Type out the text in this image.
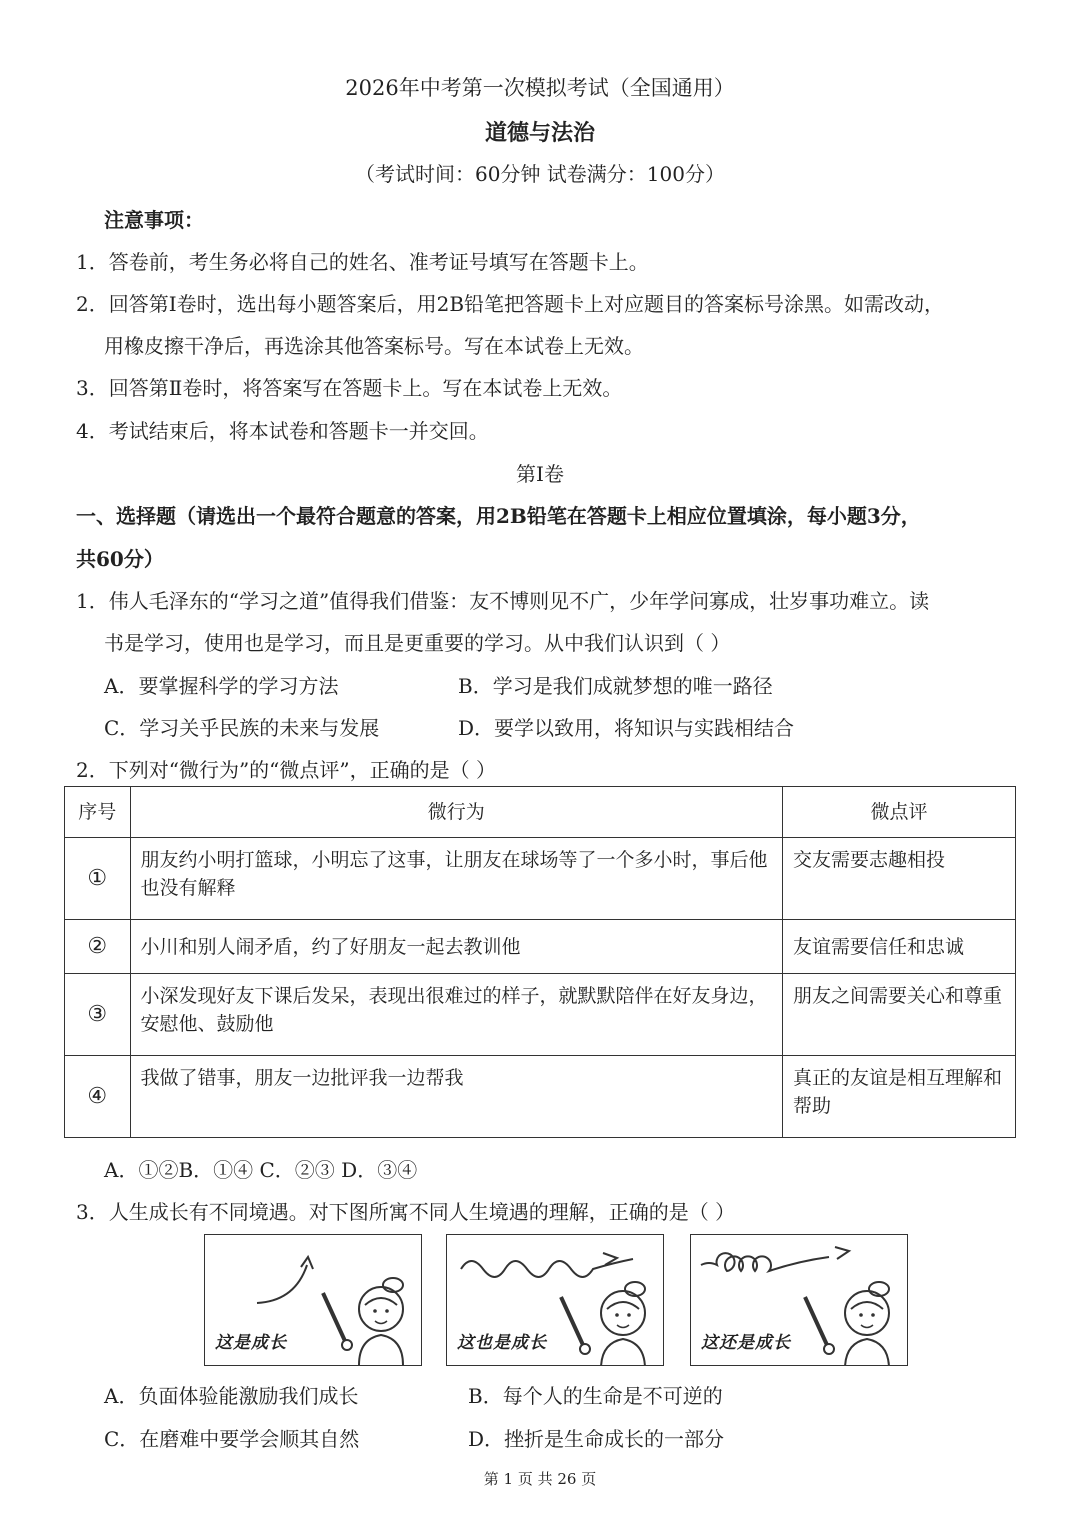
2026年中考第一次模拟考试（全国通用）
道德与法治
（考试时间：60分钟 试卷满分：100分）
注意事项：
1．答卷前，考生务必将自己的姓名、准考证号填写在答题卡上。
2．回答第Ⅰ卷时，选出每小题答案后，用2B铅笔把答题卡上对应题目的答案标号涂黑。如需改动，
用橡皮擦干净后，再选涂其他答案标号。写在本试卷上无效。
3．回答第Ⅱ卷时，将答案写在答题卡上。写在本试卷上无效。
4．考试结束后，将本试卷和答题卡一并交回。
第Ⅰ卷
一、选择题（请选出一个最符合题意的答案，用2B铅笔在答题卡上相应位置填涂，每小题3分，
共60分）
1．伟人毛泽东的“学习之道”值得我们借鉴：友不博则见不广，少年学问寡成，壮岁事功难立。读
书是学习，使用也是学习，而且是更重要的学习。从中我们认识到（ ）
A．要掌握科学的学习方法	B．学习是我们成就梦想的唯一路径
C．学习关乎民族的未来与发展	D．要学以致用，将知识与实践相结合
2．下列对“微行为”的“微点评”，正确的是（ ）
序号	微行为	微点评
①	朋友约小明打篮球，小明忘了这事，让朋友在球场等了一个多小时，事后他也没有解释	交友需要志趣相投
②	小川和别人闹矛盾，约了好朋友一起去教训他	友谊需要信任和忠诚
③	小深发现好友下课后发呆，表现出很难过的样子，就默默陪伴在好友身边，安慰他、鼓励他	朋友之间需要关心和尊重
④	我做了错事，朋友一边批评我一边帮我	真正的友谊是相互理解和帮助
A．①②B．①④ C．②③ D．③④
3．人生成长有不同境遇。对下图所寓不同人生境遇的理解，正确的是（ ）
这是成长	这也是成长	这还是成长
A．负面体验能激励我们成长	B．每个人的生命是不可逆的
C．在磨难中要学会顺其自然	D．挫折是生命成长的一部分
第 1 页 共 26 页
